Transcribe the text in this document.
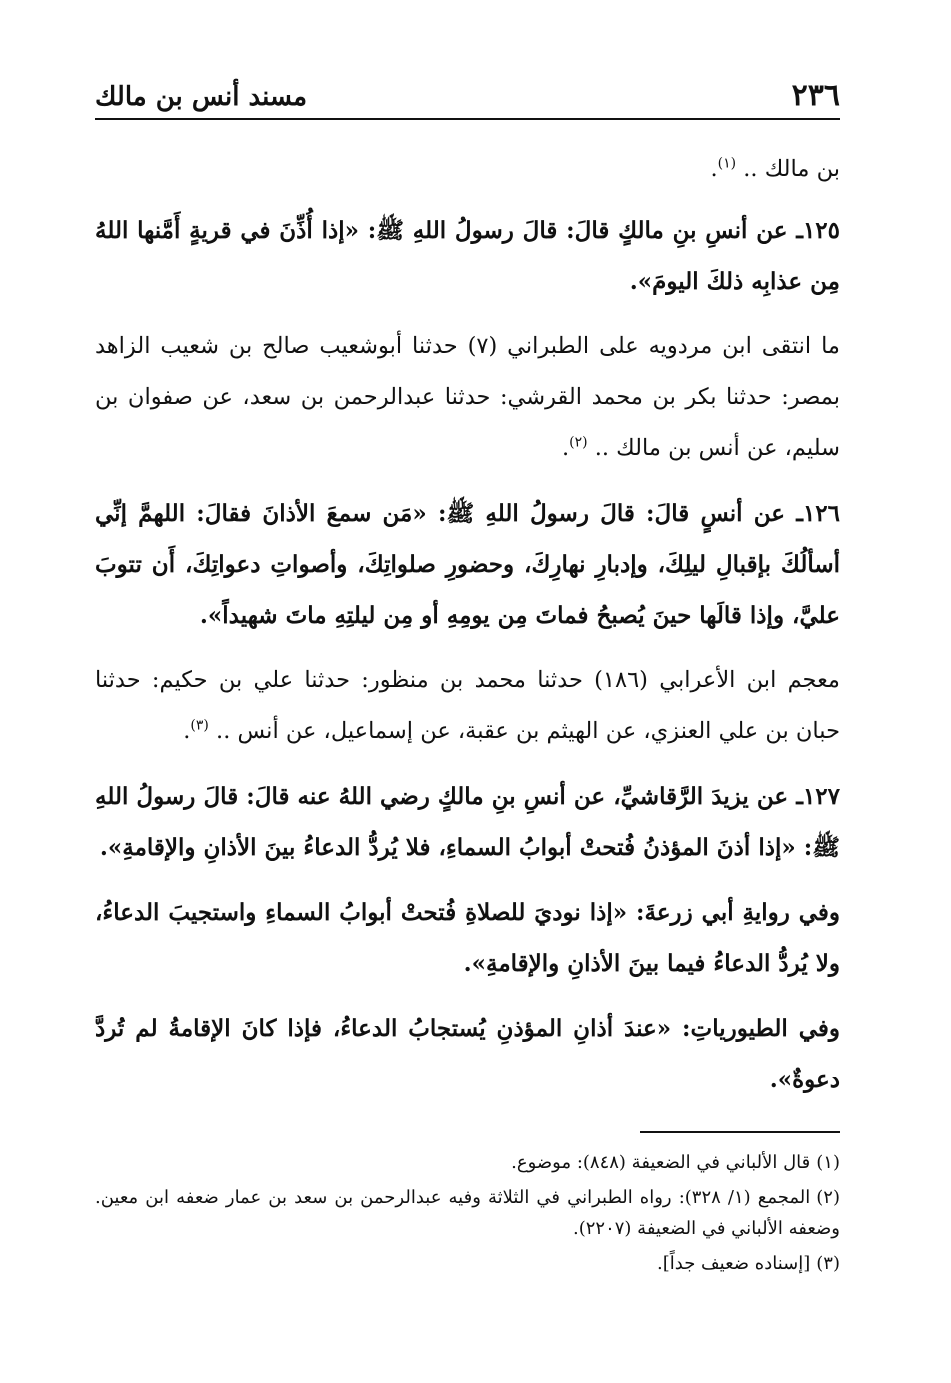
٢٣٦
مسند أنس بن مالك

بن مالك .. $^{(١)}$.

١٢٥ـ عن أنسِ بنِ مالكٍ قالَ: قالَ رسولُ اللهِ ﷺ: «إذا أُذِّنَ في قريةٍ أَمَّنها اللهُ مِن عذابِه ذلكَ اليومَ».

ما انتقى ابن مردويه على الطبراني (٧) حدثنا أبوشعيب صالح بن شعيب الزاهد بمصر: حدثنا بكر بن محمد القرشي: حدثنا عبدالرحمن بن سعد، عن صفوان بن سليم، عن أنس بن مالك .. $^{(٢)}$.

١٢٦ـ عن أنسٍ قالَ: قالَ رسولُ اللهِ ﷺ: «مَن سمعَ الأذانَ فقالَ: اللهمَّ إنِّي أسألُكَ بإقبالِ ليلِكَ، وإدبارِ نهارِكَ، وحضورِ صلواتِكَ، وأصواتِ دعواتِكَ، أَن تتوبَ عليَّ، وإذا قالَها حينَ يُصبحُ فماتَ مِن يومِهِ أو مِن ليلتِهِ ماتَ شهيداً».

معجم ابن الأعرابي (١٨٦) حدثنا محمد بن منظور: حدثنا علي بن حكيم: حدثنا حبان بن علي العنزي، عن الهيثم بن عقبة، عن إسماعيل، عن أنس .. $^{(٣)}$.

١٢٧ـ عن يزيدَ الرَّقاشيِّ، عن أنسِ بنِ مالكٍ رضي اللهُ عنه قالَ: قالَ رسولُ اللهِ ﷺ: «إذا أذنَ المؤذنُ فُتحتْ أبوابُ السماءِ، فلا يُردُّ الدعاءُ بينَ الأذانِ والإقامةِ».

وفي روايةِ أبي زرعةَ: «إذا نوديَ للصلاةِ فُتحتْ أبوابُ السماءِ واستجيبَ الدعاءُ، ولا يُردُّ الدعاءُ فيما بينَ الأذانِ والإقامةِ».

وفي الطيورياتِ: «عندَ أذانِ المؤذنِ يُستجابُ الدعاءُ، فإذا كانَ الإقامةُ لم تُردَّ دعوةٌ».

(١)قال الألباني في الضعيفة (٨٤٨): موضوع.

(٢)المجمع (١/ ٣٢٨): رواه الطبراني في الثلاثة وفيه عبدالرحمن بن سعد بن عمار ضعفه ابن معين. وضعفه الألباني في الضعيفة (٢٢٠٧).

(٣)[إسناده ضعيف جداً].
